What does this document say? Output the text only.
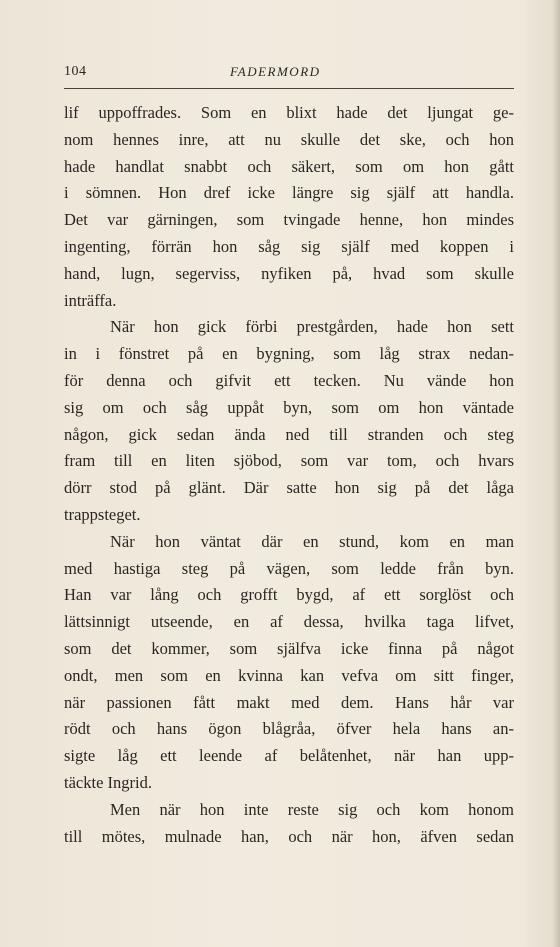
104	FADERMORD
lif uppoffrades. Som en blixt hade det ljungat ge-
nom hennes inre, att nu skulle det ske, och hon
hade handlat snabbt och säkert, som om hon gått
i sömnen. Hon dref icke längre sig själf att handla.
Det var gärningen, som tvingade henne, hon mindes
ingenting, förrän hon såg sig själf med koppen i
hand, lugn, segerviss, nyfiken på, hvad som skulle
inträffa.
När hon gick förbi prestgården, hade hon sett
in i fönstret på en bygning, som låg strax nedan-
för denna och gifvit ett tecken. Nu vände hon
sig om och såg uppåt byn, som om hon väntade
någon, gick sedan ända ned till stranden och steg
fram till en liten sjöbod, som var tom, och hvars
dörr stod på glänt. Där satte hon sig på det låga
trappsteget.
När hon väntat där en stund, kom en man
med hastiga steg på vägen, som ledde från byn.
Han var lång och grofft bygd, af ett sorglöst och
lättsinnigt utseende, en af dessa, hvilka taga lifvet,
som det kommer, som själfva icke finna på något
ondt, men som en kvinna kan vefva om sitt finger,
när passionen fått makt med dem. Hans hår var
rödt och hans ögon blågråa, öfver hela hans an-
sigte låg ett leende af belåtenhet, när han upp-
täckte Ingrid.
Men när hon inte reste sig och kom honom
till mötes, mulnade han, och när hon, äfven sedan
